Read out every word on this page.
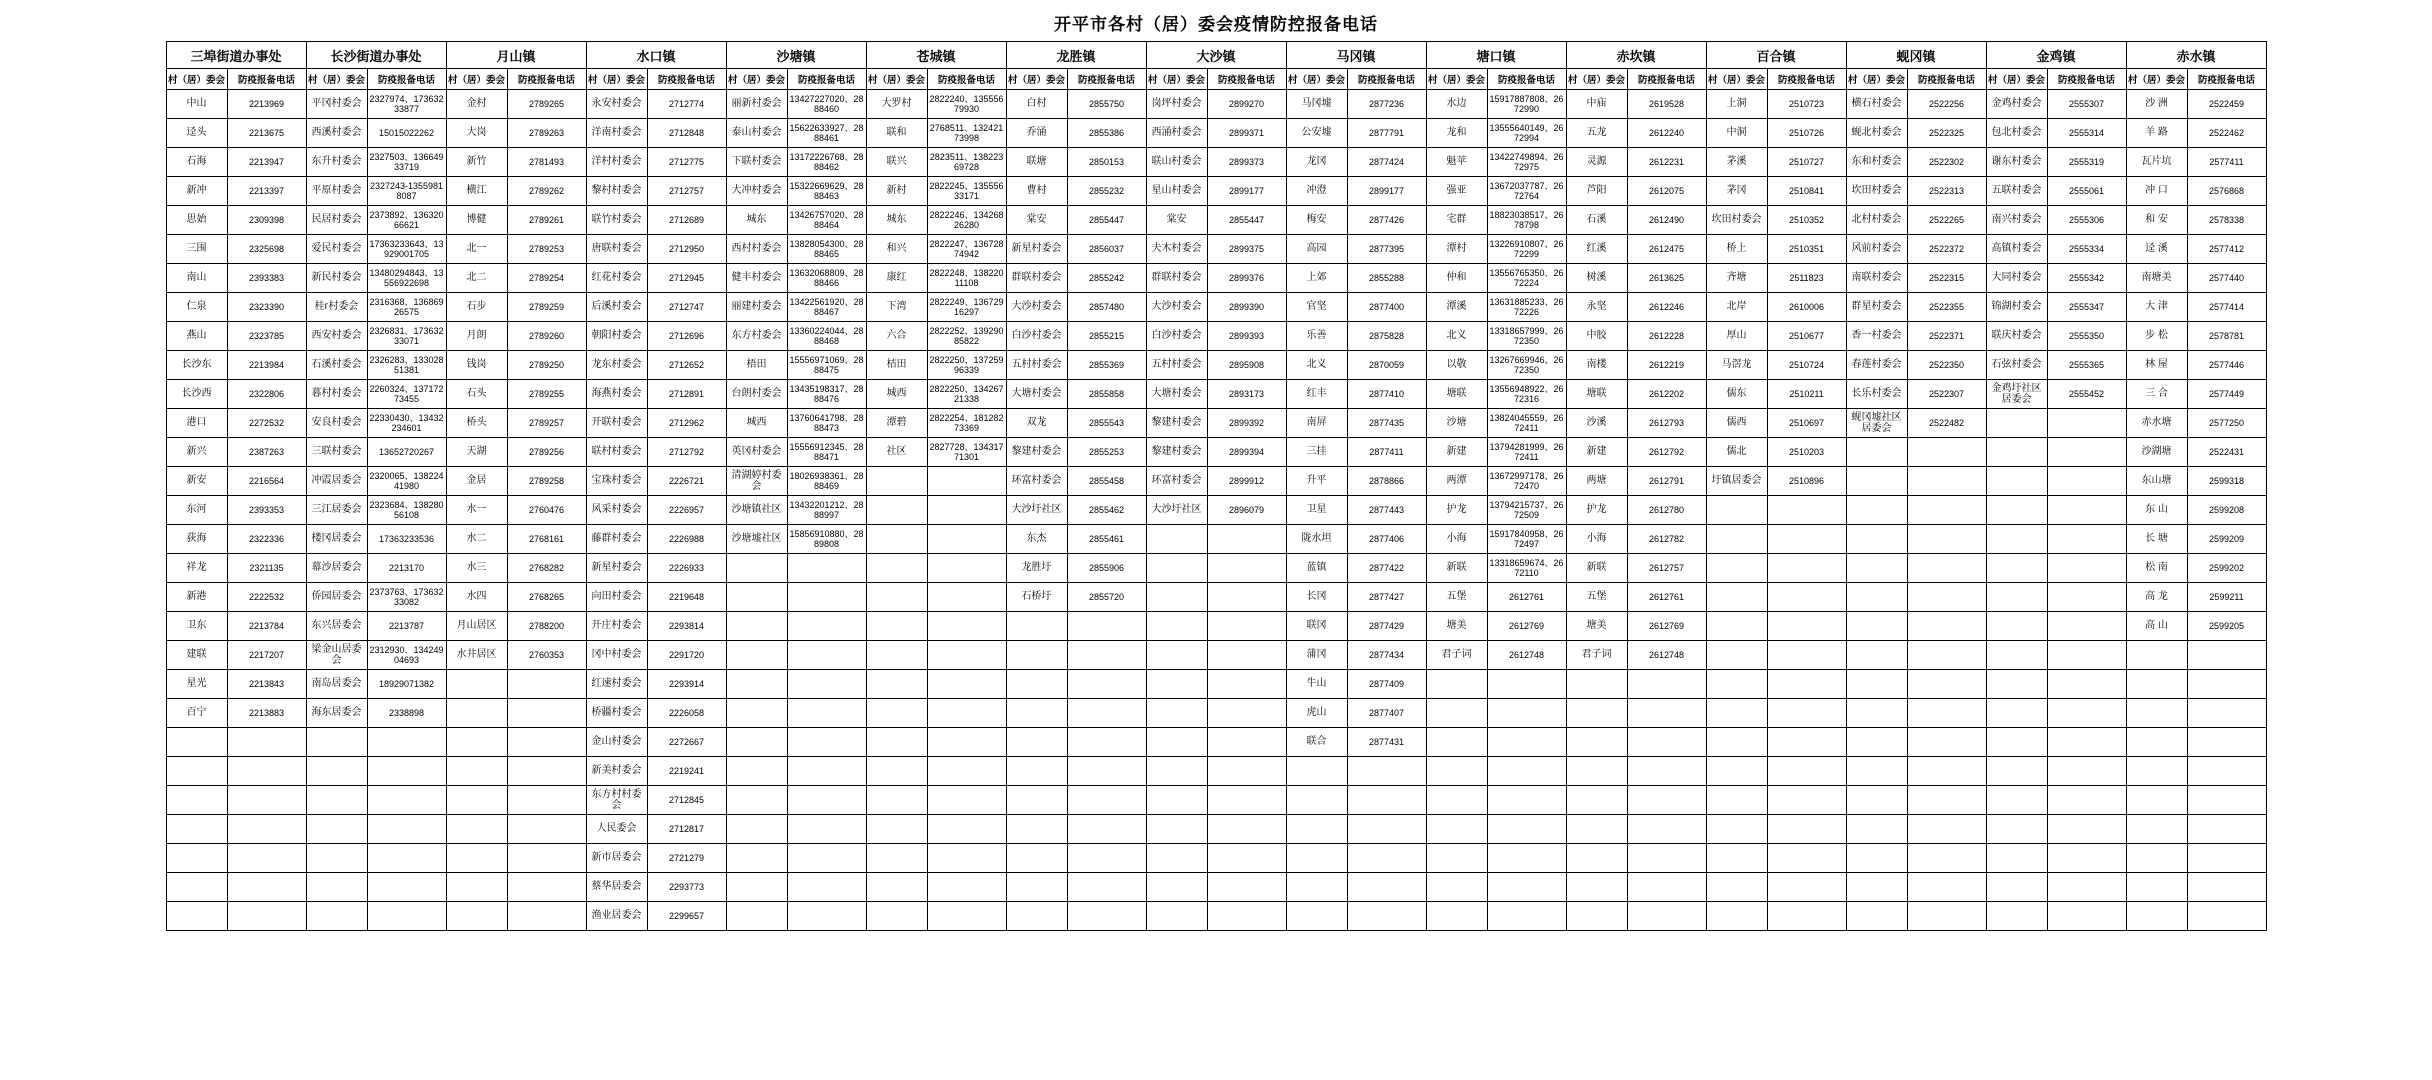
开平市各村（居）委会疫情防控报备电话
三埠街道办事处		长沙街道办事处		月山镇		水口镇		沙塘镇		苍城镇		龙胜镇		大沙镇		马冈镇		塘口镇		赤坎镇		百合镇		蚬冈镇		金鸡镇		赤水镇	
村（居）委会	防疫报备电话	村（居）委会	防疫报备电话	村（居）委会	防疫报备电话	村（居）委会	防疫报备电话	村（居）委会	防疫报备电话	村（居）委会	防疫报备电话	村（居）委会	防疫报备电话	村（居）委会	防疫报备电话	村（居）委会	防疫报备电话	村（居）委会	防疫报备电话	村（居）委会	防疫报备电话	村（居）委会	防疫报备电话	村（居）委会	防疫报备电话	村（居）委会	防疫报备电话	村（居）委会	防疫报备电话
中山	2213969	平冈村委会	2327974、17363233877	金村	2789265	永安村委会	2712774	丽新村委会	13427227020、2888460	大罗村	2822240、13555679930	白村	2855750	岗坪村委会	2899270	马冈墟	2877236	水边	15917887808、2672990	中庙	2619528	上洞	2510723	横石村委会	2522256	金鸡村委会	2555307	沙 洲	2522459
迳头	2213675	西溪村委会	15015022262	大岗	2789263	洋南村委会	2712848	泰山村委会	15622633927、2888461	联和	2768511、13242173998	乔涌	2855386	西涌村委会	2899371	公安墟	2877791	龙和	13555640149、2672994	五龙	2612240	中洞	2510726	蚬北村委会	2522325	包北村委会	2555314	羊 路	2522462
石海	2213947	东升村委会	2327503、13664933719	新竹	2781493	洋村村委会	2712775	下联村委会	13172226768、2888462	联兴	2823511、13822369728	联塘	2850153	联山村委会	2899373	龙冈	2877424	魁苹	13422749894、2672975	灵源	2612231	茅溪	2510727	东和村委会	2522302	谢东村委会	2555319	瓦片坑	2577411
新冲	2213397	平原村委会	2327243-13559818087	横江	2789262	黎村村委会	2712757	大冲村委会	15322669629、2888463	新村	2822245、13555633171	曹村	2855232	星山村委会	2899177	冲澄	2899177	强亚	13672037787、2672764	芦阳	2612075	茅冈	2510841	坎田村委会	2522313	五联村委会	2555061	冲 口	2576868
思始	2309398	民居村委会	2373892、13632066621	博健	2789261	联竹村委会	2712689	城东	13426757020、2888464	城东	2822246、13426826280	棠安	2855447	棠安	2855447	梅安	2877426	宅群	18823038517、2678798	石溪	2612490	坎田村委会	2510352	北村村委会	2522265	南兴村委会	2555306	和 安	2578338
三围	2325698	爱民村委会	17363233643、13929001705	北一	2789253	唐联村委会	2712950	西村村委会	13828054300、2888465	和兴	2822247、13672874942	新星村委会	2856037	夫木村委会	2899375	高园	2877395	潭村	13226910807、2672299	红溪	2612475	桥上	2510351	风前村委会	2522372	高镇村委会	2555334	迳 溪	2577412
南山	2393383	新民村委会	13480294843、13556922698	北二	2789254	红花村委会	2712945	健丰村委会	13632068809、2888466	康红	2822248、13822011108	群联村委会	2855242	群联村委会	2899376	上郊	2855288	仲和	13556765350、2672224	树溪	2613625	齐塘	2511823	南联村委会	2522315	大同村委会	2555342	南塘美	2577440
仁泉	2323390	桂г村委会	2316368、13686926575	石步	2789259	后溪村委会	2712747	丽建村委会	13422561920、2888467	下湾	2822249、13672916297	大沙村委会	2857480	大沙村委会	2899390	官坚	2877400	潭溪	13631885233、2672226	永坚	2612246	北岸	2610006	群星村委会	2522355	锦湖村委会	2555347	大 津	2577414
燕山	2323785	西安村委会	2326831、17363233071	月朗	2789260	朝阳村委会	2712696	东方村委会	13360224044、2888468	六合	2822252、13929085822	白沙村委会	2855215	白沙村委会	2899393	乐善	2875828	北义	13318657999、2672350	中胶	2612228	厚山	2510677	香一村委会	2522371	联庆村委会	2555350	步 松	2578781
长沙东	2213984	石溪村委会	2326283、13302851381	钱岗	2789250	龙东村委会	2712652	梧田	15556971069、2888475	桔田	2822250、13725996339	五村村委会	2855369	五村村委会	2895908	北义	2870059	以敬	13267669946、2672350	南楼	2612219	马滘龙	2510724	春莲村委会	2522350	石弦村委会	2555365	林 屋	2577446
长沙西	2322806	暮村村委会	2260324、13717273455	石头	2789255	海燕村委会	2712891	台朗村委会	13435198317、2888476	城西	2822250、13426721338	大塘村委会	2855858	大塘村委会	2893173	红丰	2877410	塘联	13556948922、2672316	塘联	2612202	儒东	2510211	长乐村委会	2522307	金鸡圩社区居委会	2555452	三 合	2577449
港口	2272532	安良村委会	22330430、13432234601	桥头	2789257	开联村委会	2712962	城西	13760641798、2888473	潭碧	2822254、18128273369	双龙	2855543	黎建村委会	2899392	南屏	2877435	沙塘	13824045559、2672411	沙溪	2612793	儒西	2510697	蚬冈墟社区居委会	2522482			赤水塘	2577250
新兴	2387263	三联村委会	13652720267	天湖	2789256	联村村委会	2712792	英冈村委会	15556912345、2888471	社区	2827728、13431771301	黎建村委会	2855253	黎建村委会	2899394	三挂	2877411	新建	13794281999、2672411	新建	2612792	儒北	2510203					沙湖塘	2522431
新安	2216564	冲霞居委会	2320065、13822441980	金居	2789258	宝珠村委会	2226721	清湖婷村委会	18026938361、2888469			环富村委会	2855458	环富村委会	2899912	升平	2878866	两潭	13672997178、2672470	两塘	2612791	圩镇居委会	2510896					东山塘	2599318
东河	2393353	三江居委会	2323684、13828056108	水一	2760476	风采村委会	2226957	沙塘镇社区	13432201212、2888997			大沙圩社区	2855462	大沙圩社区	2896079	卫星	2877443	护龙	13794215737、2672509	护龙	2612780							东 山	2599208
荻海	2322336	楼冈居委会	17363233536	水二	2768161	藤群村委会	2226988	沙塘墟社区	15856910880、2889808			东杰	2855461			陇水坦	2877406	小海	15917840958、2672497	小海	2612782							长 塘	2599209
祥龙	2321135	幕沙居委会	2213170	水三	2768282	新星村委会	2226933					龙胜圩	2855906			蓝镇	2877422	新联	13318659674、2672110	新联	2612757							松 南	2599202
新港	2222532	侨园居委会	2373763、17363233082	水四	2768265	向田村委会	2219648					石桥圩	2855720			长冈	2877427	五堡	2612761	五堡	2612761							高 龙	2599211
卫东	2213784	东兴居委会	2213787	月山居区	2788200	开庄村委会	2293814									联冈	2877429	塘美	2612769	塘美	2612769							高 山	2599205
建联	2217207	梁金山居委会	2312930、13424904693	水井居区	2760353	冈中村委会	2291720									蒲冈	2877434	君子词	2612748	君子词	2612748								
星光	2213843	南岛居委会	18929071382			红速村委会	2293914									牛山	2877409												
百宁	2213883	海东居委会	2338898			桥疆村委会	2226058									虎山	2877407												
						金山村委会	2272667									联合	2877431												
						新美村委会	2219241																						
						东方村村委会	2712845																						
						人民委会	2712817																						
						新市居委会	2721279																						
						蔡华居委会	2293773																						
						渔业居委会	2299657																						
